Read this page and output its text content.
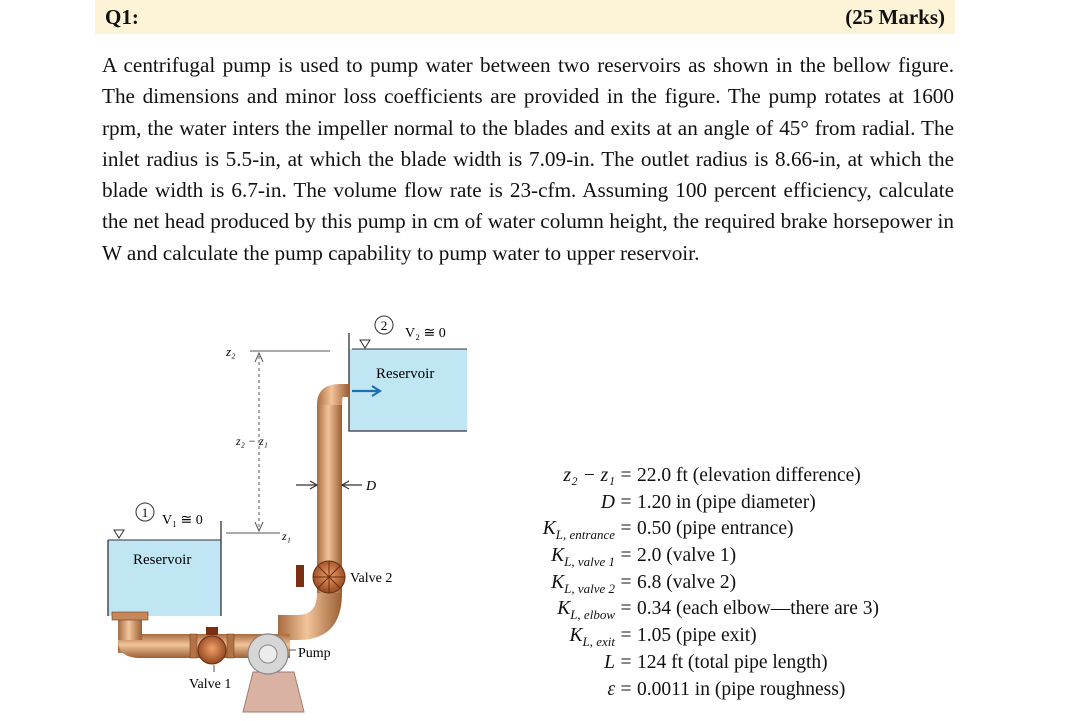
Q1:	(25 Marks)

A centrifugal pump is used to pump water between two reservoirs as shown in the bellow figure. The dimensions and minor loss coefficients are provided in the figure. The pump rotates at 1600 rpm, the water inters the impeller normal to the blades and exits at an angle of 45° from radial. The inlet radius is 5.5-in, at which the blade width is 7.09-in. The outlet radius is 8.66-in, at which the blade width is 6.7-in. The volume flow rate is 23-cfm. Assuming 100 percent efficiency, calculate the net head produced by this pump in cm of water column height, the required brake horsepower in W and calculate the pump capability to pump water to upper reservoir.

2
V₂ ≅ 0
Reservoir
1
V₁ ≅ 0
Reservoir
z₂
z₂ − z₁
z₁
D
Valve 2
Valve 1
Pump
z₂ − z₁ = 22.0 ft (elevation difference)
D = 1.20 in (pipe diameter)
$K_{L, entrance} = 0.50$ (pipe entrance)
$K_{L, valve 1} = 2.0$ (valve 1)
$K_{L, valve 2} = 6.8$ (valve 2)
$K_{L, elbow} = 0.34$ (each elbow—there are 3)
$K_{L, exit} = 1.05$ (pipe exit)
L = 124 ft (total pipe length)
ε = 0.0011 in (pipe roughness)
